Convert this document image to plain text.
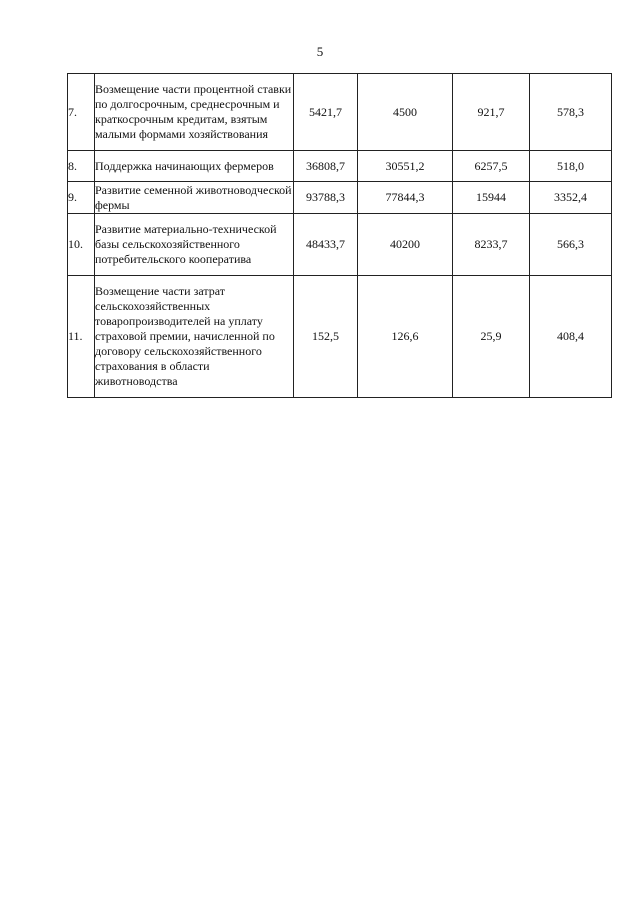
5
7.	Возмещение части процентной ставки по долгосрочным, среднесрочным и краткосрочным кредитам, взятым малыми формами хозяйствования	5421,7	4500	921,7	578,3
8.	Поддержка начинающих фермеров	36808,7	30551,2	6257,5	518,0
9.	Развитие семенной животноводческой фермы	93788,3	77844,3	15944	3352,4
10.	Развитие материально-технической базы сельскохозяйственного потребительского кооператива	48433,7	40200	8233,7	566,3
11.	Возмещение части затрат сельскохозяйственных товаропроизводителей на уплату страховой премии, начисленной по договору сельскохозяйственного страхования в области животноводства	152,5	126,6	25,9	408,4
